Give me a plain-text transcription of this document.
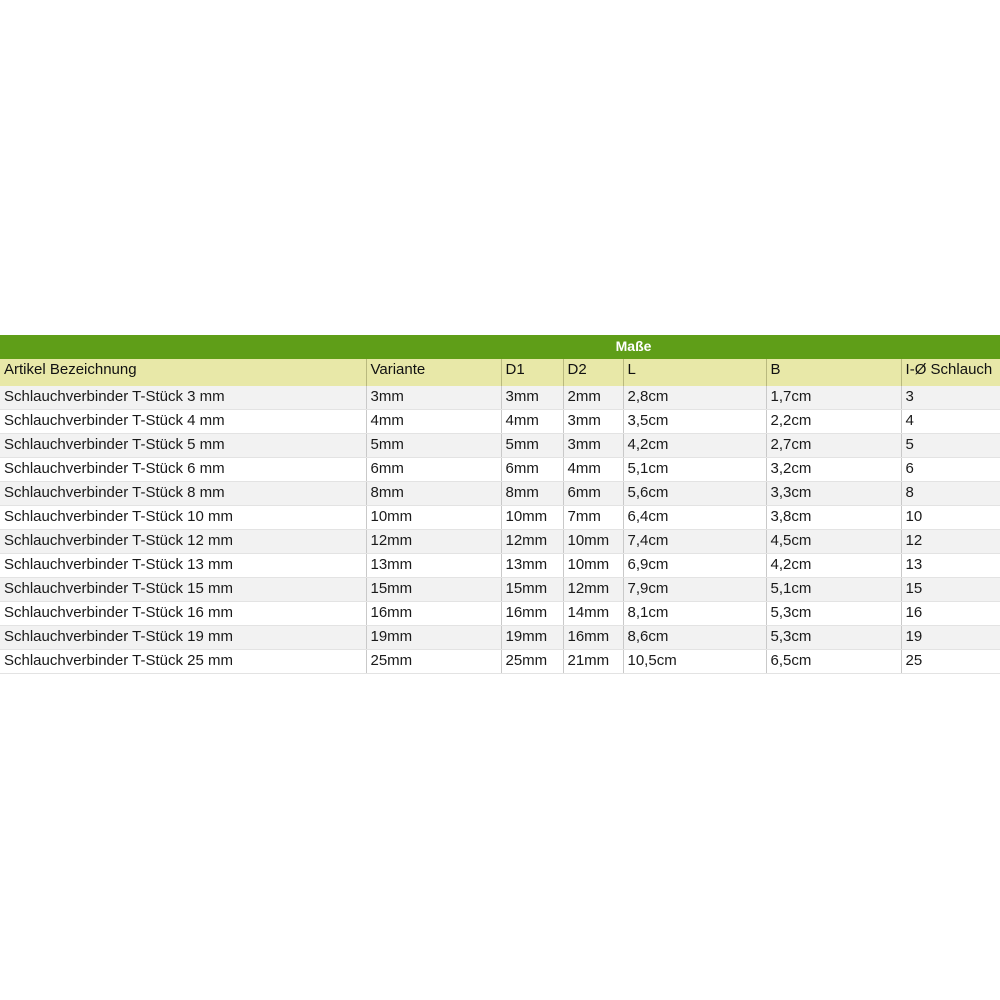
	Maße					
Artikel Bezeichnung	Variante	D1	D2	L	B	I-Ø Schlauch
Schlauchverbinder T-Stück 3 mm	3mm	3mm	2mm	2,8cm	1,7cm	3
Schlauchverbinder T-Stück 4 mm	4mm	4mm	3mm	3,5cm	2,2cm	4
Schlauchverbinder T-Stück 5 mm	5mm	5mm	3mm	4,2cm	2,7cm	5
Schlauchverbinder T-Stück 6 mm	6mm	6mm	4mm	5,1cm	3,2cm	6
Schlauchverbinder T-Stück 8 mm	8mm	8mm	6mm	5,6cm	3,3cm	8
Schlauchverbinder T-Stück 10 mm	10mm	10mm	7mm	6,4cm	3,8cm	10
Schlauchverbinder T-Stück 12 mm	12mm	12mm	10mm	7,4cm	4,5cm	12
Schlauchverbinder T-Stück 13 mm	13mm	13mm	10mm	6,9cm	4,2cm	13
Schlauchverbinder T-Stück 15 mm	15mm	15mm	12mm	7,9cm	5,1cm	15
Schlauchverbinder T-Stück 16 mm	16mm	16mm	14mm	8,1cm	5,3cm	16
Schlauchverbinder T-Stück 19 mm	19mm	19mm	16mm	8,6cm	5,3cm	19
Schlauchverbinder T-Stück 25 mm	25mm	25mm	21mm	10,5cm	6,5cm	25
